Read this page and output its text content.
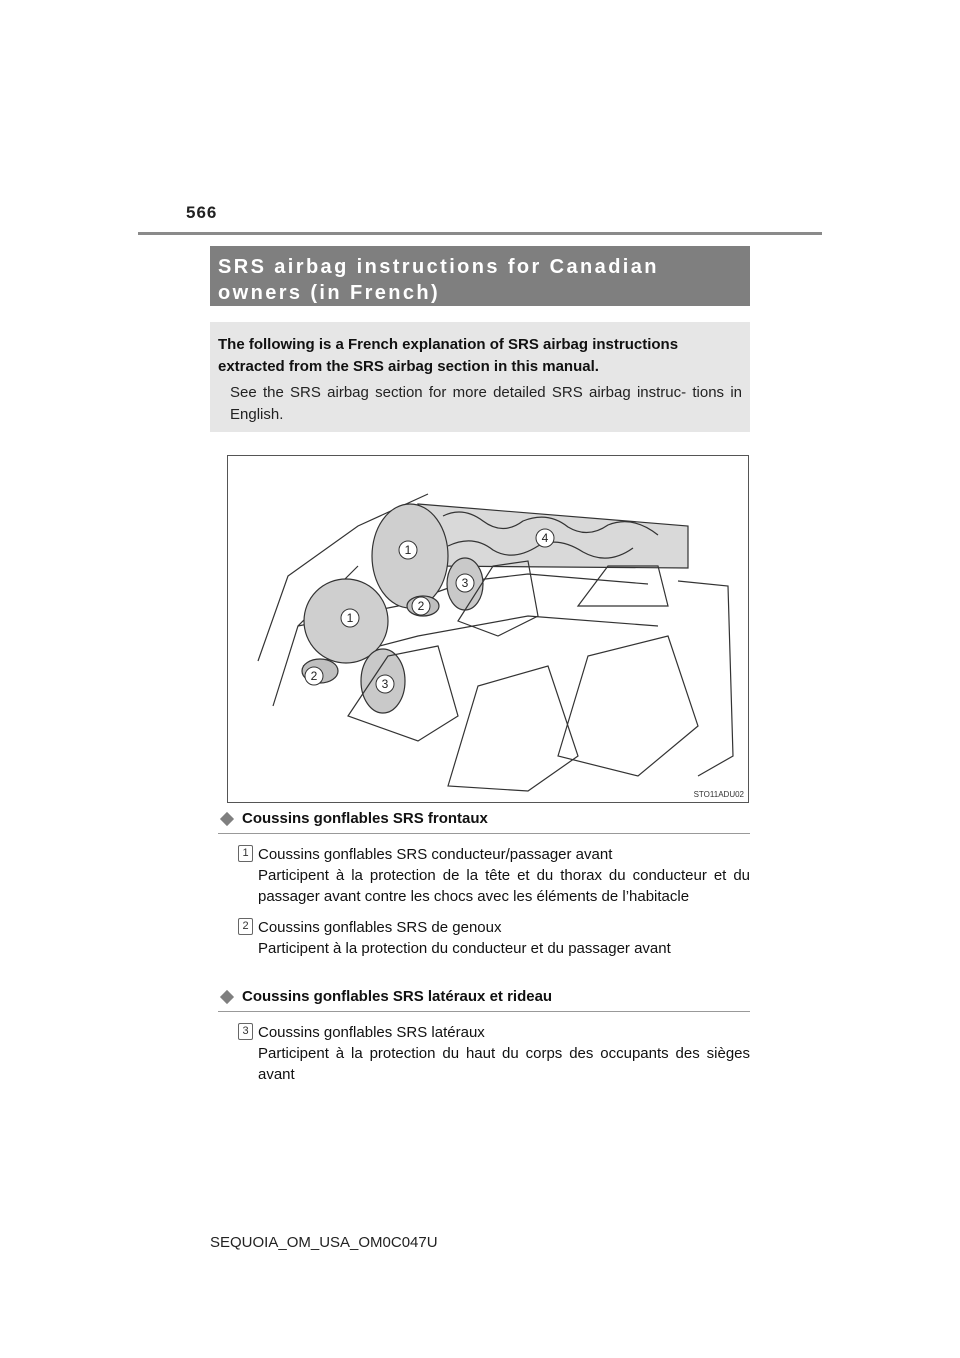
566
SRS airbag instructions for Canadian
owners (in French)
The following is a French explanation of SRS airbag instructions extracted from the SRS airbag section in this manual.
See the SRS airbag section for more detailed SRS airbag instruc- tions in English.
1
1
2
2
3
3
4
STO11ADU02
Coussins gonflables SRS frontaux
1 Coussins gonflables SRS conducteur/passager avant
Participent à la protection de la tête et du thorax du conducteur et du passager avant contre les chocs avec les éléments de l’habitacle
2 Coussins gonflables SRS de genoux
Participent à la protection du conducteur et du passager avant
Coussins gonflables SRS latéraux et rideau
3 Coussins gonflables SRS latéraux
Participent à la protection du haut du corps des occupants des sièges avant
SEQUOIA_OM_USA_OM0C047U
